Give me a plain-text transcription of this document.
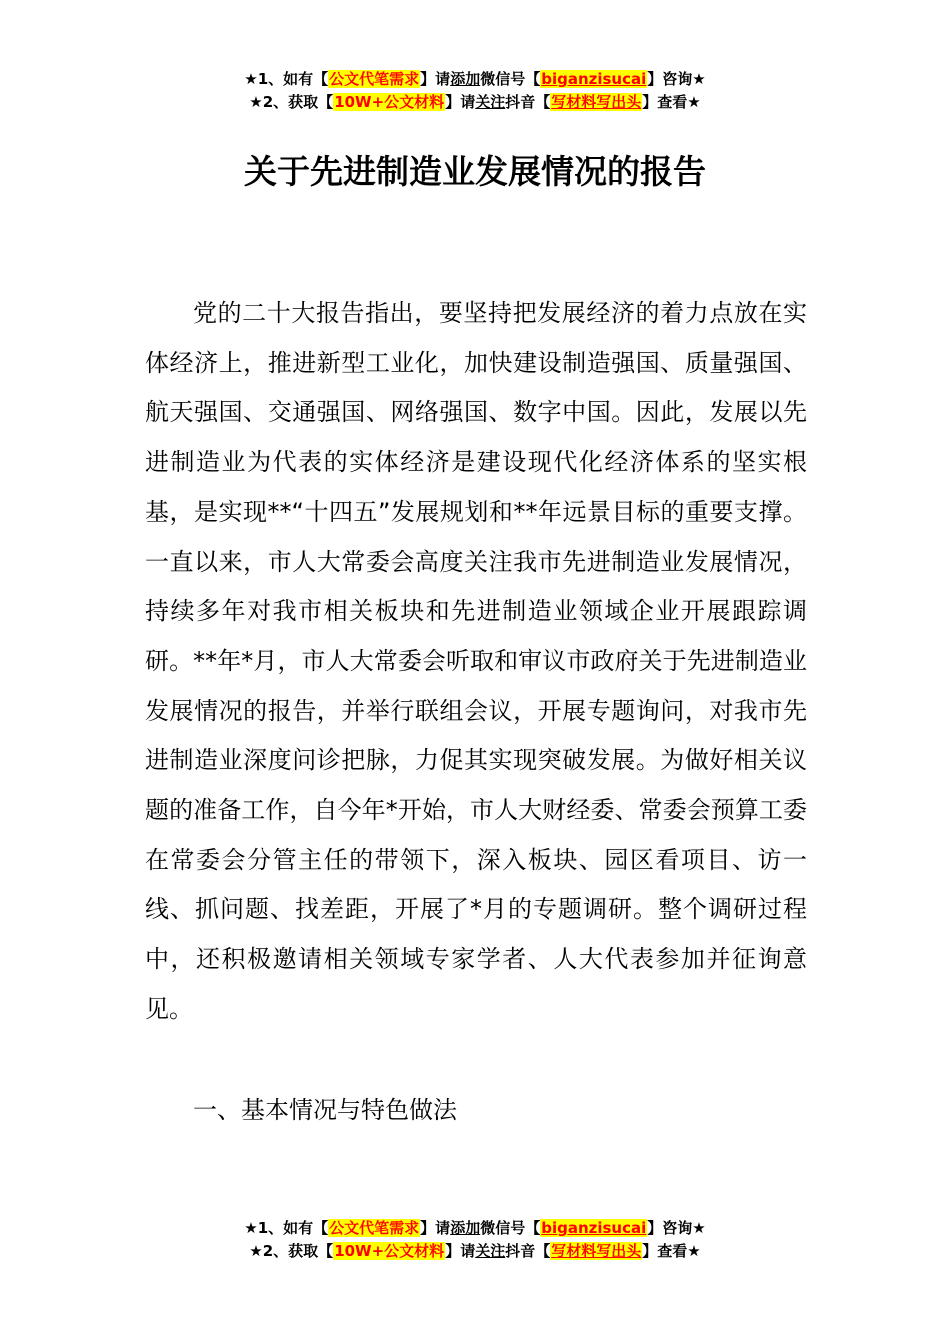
★1、如有【公文代笔需求】请添加微信号【biganzisucai】咨询★
★2、获取【10W+公文材料】请关注抖音【写材料写出头】查看★
关于先进制造业发展情况的报告

党的二十大报告指出，要坚持把发展经济的着力点放在实体经济上，推进新型工业化，加快建设制造强国、质量强国、航天强国、交通强国、网络强国、数字中国。因此，发展以先进制造业为代表的实体经济是建设现代化经济体系的坚实根基，是实现**“十四五”发展规划和**年远景目标的重要支撑。一直以来，市人大常委会高度关注我市先进制造业发展情况，持续多年对我市相关板块和先进制造业领域企业开展跟踪调研。**年*月，市人大常委会听取和审议市政府关于先进制造业发展情况的报告，并举行联组会议，开展专题询问，对我市先进制造业深度问诊把脉，力促其实现突破发展。为做好相关议题的准备工作，自今年*开始，市人大财经委、常委会预算工委在常委会分管主任的带领下，深入板块、园区看项目、访一线、抓问题、找差距，开展了*月的专题调研。整个调研过程中，还积极邀请相关领域专家学者、人大代表参加并征询意见。

一、基本情况与特色做法
★1、如有【公文代笔需求】请添加微信号【biganzisucai】咨询★
★2、获取【10W+公文材料】请关注抖音【写材料写出头】查看★
